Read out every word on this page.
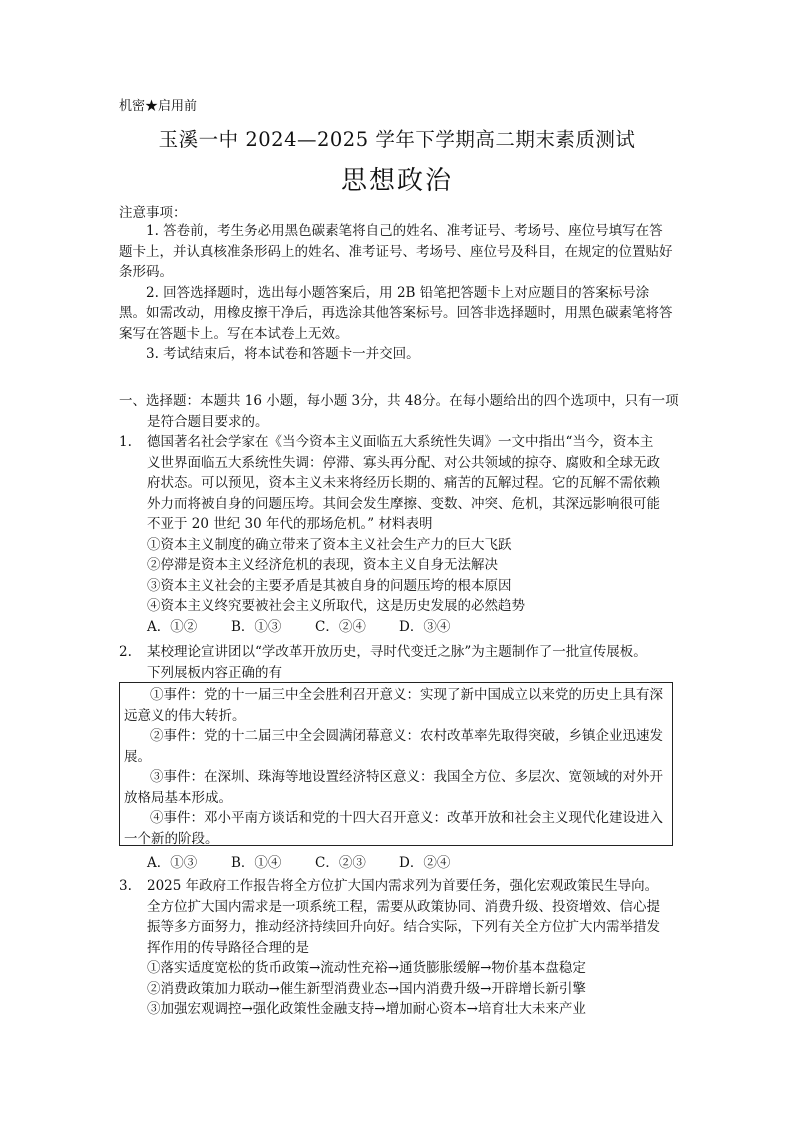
机密★启用前
玉溪一中 2024—2025 学年下学期高二期末素质测试
思想政治
注意事项：

1. 答卷前，考生务必用黑色碳素笔将自己的姓名、准考证号、考场号、座位号填写在答题卡上，并认真核准条形码上的姓名、准考证号、考场号、座位号及科目，在规定的位置贴好条形码。

2. 回答选择题时，选出每小题答案后，用 2B 铅笔把答题卡上对应题目的答案标号涂黑。如需改动，用橡皮擦干净后，再选涂其他答案标号。回答非选择题时，用黑色碳素笔将答案写在答题卡上。写在本试卷上无效。

3. 考试结束后，将本试卷和答题卡一并交回。

一、选择题：本题共 16 小题，每小题 3分，共 48分。在每小题给出的四个选项中，只有一项是符合题目要求的。

1. 德国著名社会学家在《当今资本主义面临五大系统性失调》一文中指出“当今，资本主
义世界面临五大系统性失调：停滞、寡头再分配、对公共领域的掠夺、腐败和全球无政
府状态。可以预见，资本主义未来将经历长期的、痛苦的瓦解过程。它的瓦解不需依赖
外力而将被自身的问题压垮。其间会发生摩擦、变数、冲突、危机，其深远影响很可能
不亚于 20 世纪 30 年代的那场危机。” 材料表明
①资本主义制度的确立带来了资本主义社会生产力的巨大飞跃
②停滞是资本主义经济危机的表现，资本主义自身无法解决
③资本主义社会的主要矛盾是其被自身的问题压垮的根本原因
④资本主义终究要被社会主义所取代，这是历史发展的必然趋势
A．①②	B．①③	C．②④	D．③④
2. 某校理论宣讲团以“学改革开放历史，寻时代变迁之脉”为主题制作了一批宣传展板。
下列展板内容正确的有

①事件：党的十一届三中全会胜利召开意义：实现了新中国成立以来党的历史上具有深

远意义的伟大转折。

②事件：党的十二届三中全会圆满闭幕意义：农村改革率先取得突破，乡镇企业迅速发

展。

③事件：在深圳、珠海等地设置经济特区意义：我国全方位、多层次、宽领域的对外开

放格局基本形成。

④事件：邓小平南方谈话和党的十四大召开意义：改革开放和社会主义现代化建设进入

一个新的阶段。

A．①③	B．①④	C．②③	D．②④
3. 2025 年政府工作报告将全方位扩大国内需求列为首要任务，强化宏观政策民生导向。
全方位扩大国内需求是一项系统工程，需要从政策协同、消费升级、投资增效、信心提
振等多方面努力，推动经济持续回升向好。结合实际，下列有关全方位扩大内需举措发
挥作用的传导路径合理的是
①落实适度宽松的货币政策→流动性充裕→通货膨胀缓解→物价基本盘稳定
②消费政策加力联动→催生新型消费业态→国内消费升级→开辟增长新引擎
③加强宏观调控→强化政策性金融支持→增加耐心资本→培育壮大未来产业
